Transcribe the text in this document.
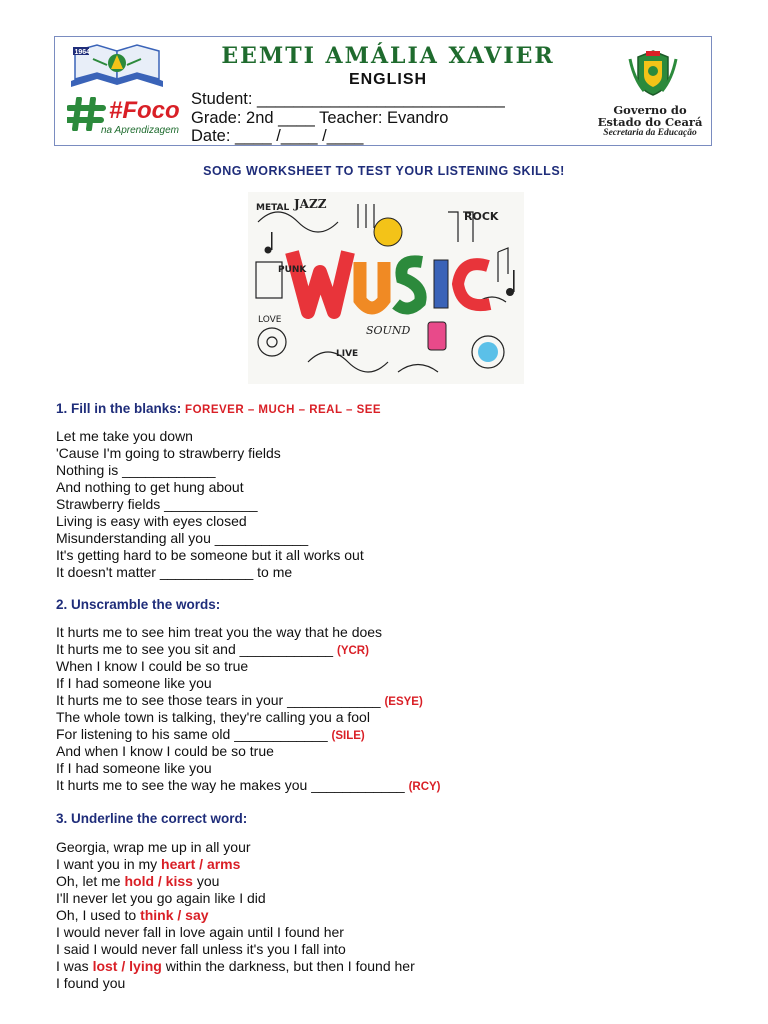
1964
#Foco
na Aprendizagem
EEMTI AMÁLIA XAVIER
ENGLISH
Student: ___________________________
Grade: 2nd ____ Teacher: Evandro
Date: ____ /____ /____
Governo do
Estado do Ceará
Secretaria da Educação
SONG WORKSHEET TO TEST YOUR LISTENING SKILLS!
METAL JAZZ
ROCK
PUNK
LIVE
SOUND
LOVE
1. Fill in the blanks: FOREVER – MUCH – REAL – SEE
Let me take you down
'Cause I'm going to strawberry fields
Nothing is ____________
And nothing to get hung about
Strawberry fields ____________
Living is easy with eyes closed
Misunderstanding all you ____________
It's getting hard to be someone but it all works out
It doesn't matter ____________ to me
2. Unscramble the words:
It hurts me to see him treat you the way that he does
It hurts me to see you sit and ____________ (YCR)
When I know I could be so true
If I had someone like you
It hurts me to see those tears in your ____________ (ESYE)
The whole town is talking, they're calling you a fool
For listening to his same old ____________ (SILE)
And when I know I could be so true
If I had someone like you
It hurts me to see the way he makes you ____________ (RCY)
3. Underline the correct word:
Georgia, wrap me up in all your
I want you in my heart / arms
Oh, let me hold / kiss you
I'll never let you go again like I did
Oh, I used to think / say
I would never fall in love again until I found her
I said I would never fall unless it's you I fall into
I was lost / lying within the darkness, but then I found her
I found you
